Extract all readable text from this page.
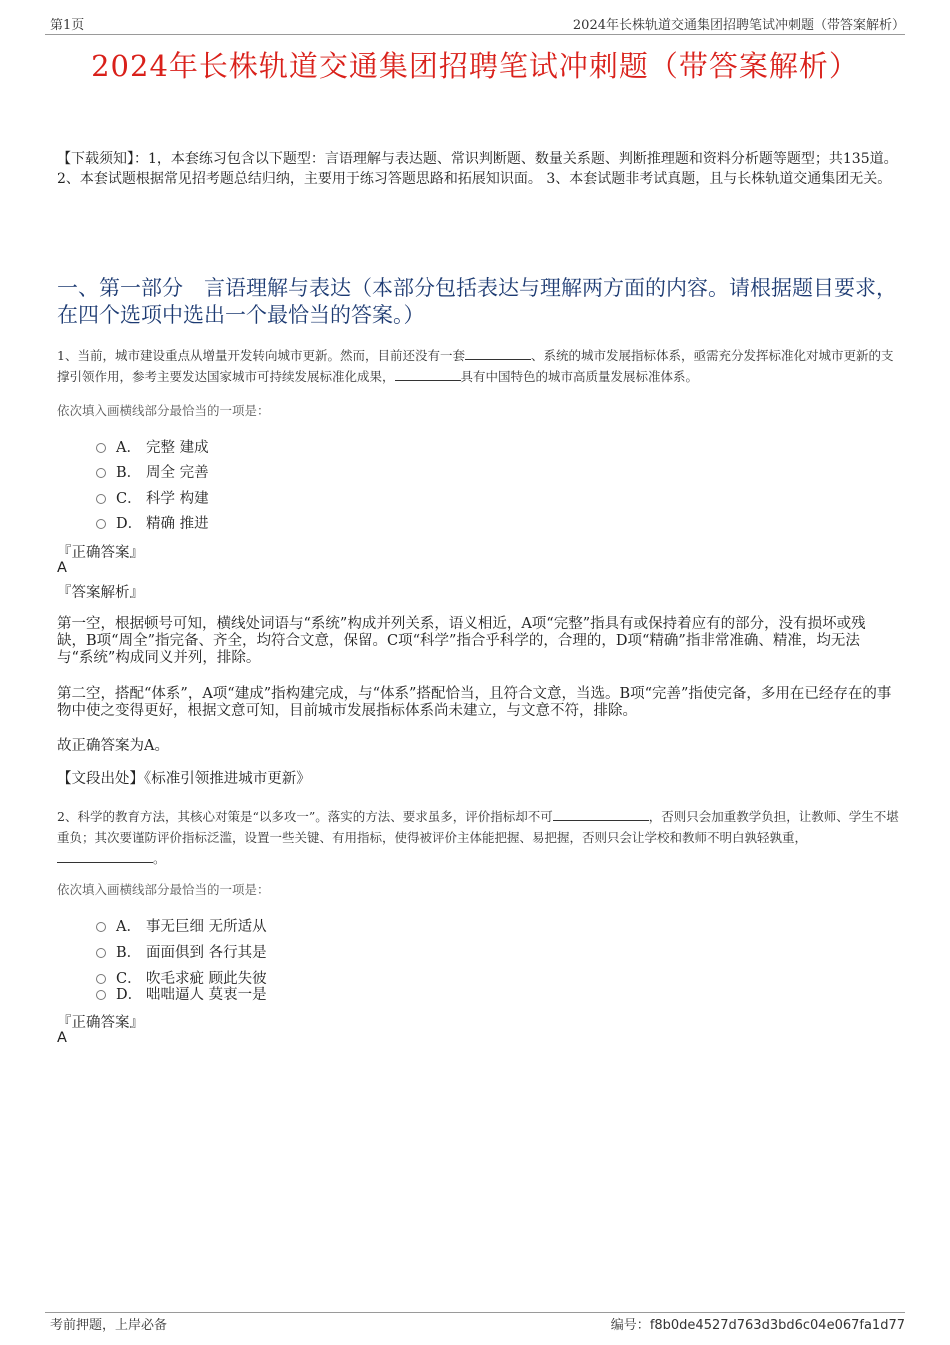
第1页	2024年长株轨道交通集团招聘笔试冲刺题（带答案解析）
2024年长株轨道交通集团招聘笔试冲刺题（带答案解析）
【下载须知】：1，本套练习包含以下题型：言语理解与表达题、常识判断题、数量关系题、判断推理题和资料分析题等题型；共135道。 2、本套试题根据常见招考题总结归纳，主要用于练习答题思路和拓展知识面。 3、本套试题非考试真题，且与长株轨道交通集团无关。
一、第一部分　言语理解与表达（本部分包括表达与理解两方面的内容。请根据题目要求，在四个选项中选出一个最恰当的答案。）
1、当前，城市建设重点从增量开发转向城市更新。然而，目前还没有一套	、系统的城市发展指标体系，亟需充分发挥标准化对城市更新的支撑引领作用，参考主要发达国家城市可持续发展标准化成果，	具有中国特色的城市高质量发展标准体系。
依次填入画横线部分最恰当的一项是：
A． 完整 建成
B． 周全 完善
C． 科学 构建
D． 精确 推进
『正确答案』
A
『答案解析』
第一空，根据顿号可知，横线处词语与“系统”构成并列关系，语义相近，A项“完整”指具有或保持着应有的部分，没有损坏或残缺，B项“周全”指完备、齐全，均符合文意，保留。C项“科学”指合乎科学的，合理的，D项“精确”指非常准确、精准，均无法与“系统”构成同义并列，排除。
第二空，搭配“体系”，A项“建成”指构建完成，与“体系”搭配恰当，且符合文意，当选。B项“完善”指使完备，多用在已经存在的事物中使之变得更好，根据文意可知，目前城市发展指标体系尚未建立，与文意不符，排除。
故正确答案为A。
【文段出处】《标准引领推进城市更新》
2、科学的教育方法，其核心对策是“以多攻一”。落实的方法、要求虽多，评价指标却不可	，否则只会加重教学负担，让教师、学生不堪重负；其次要谨防评价指标泛滥，设置一些关键、有用指标，使得被评价主体能把握、易把握，否则只会让学校和教师不明白孰轻孰重，。
依次填入画横线部分最恰当的一项是：
A． 事无巨细 无所适从
B． 面面俱到 各行其是
C． 吹毛求疵 顾此失彼
D． 咄咄逼人 莫衷一是
『正确答案』
A
考前押题，上岸必备	编号：f8b0de4527d763d3bd6c04e067fa1d77
